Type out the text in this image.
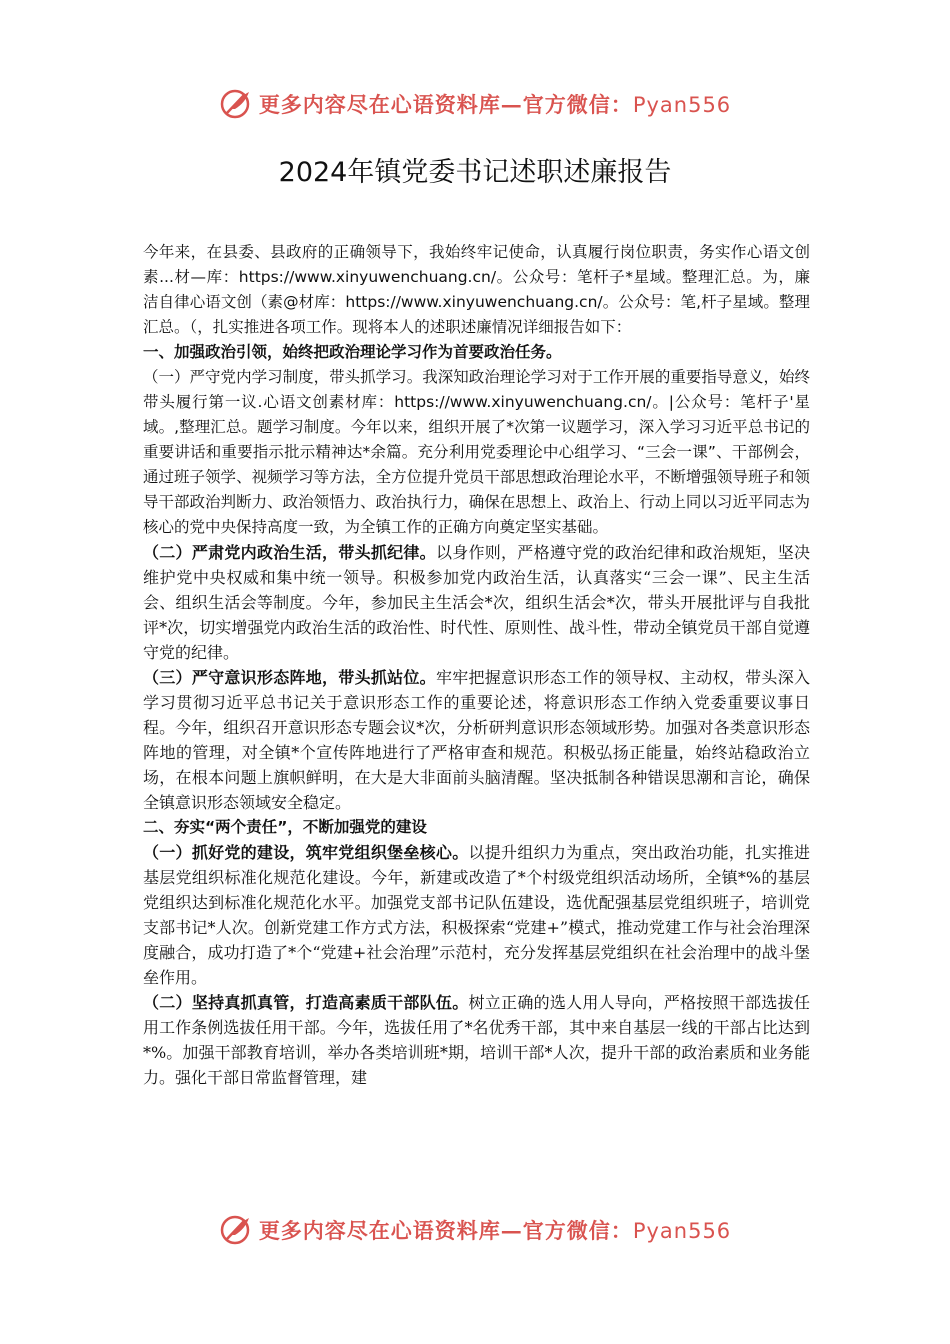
更多内容尽在心语资料库—官方微信：Pyan556
2024年镇党委书记述职述廉报告

今年来，在县委、县政府的正确领导下，我始终牢记使命，认真履行岗位职责，务实作心语文创素...材—库：https://www.xinyuwenchuang.cn/。公众号：笔杆子*星域。整理汇总。为，廉洁自律心语文创（素@材库：https://www.xinyuwenchuang.cn/。公众号：笔,杆子星域。整理汇总。（，扎实推进各项工作。现将本人的述职述廉情况详细报告如下：

一、加强政治引领，始终把政治理论学习作为首要政治任务。

（一）严守党内学习制度，带头抓学习。我深知政治理论学习对于工作开展的重要指导意义，始终带头履行第一议.心语文创素材库：https://www.xinyuwenchuang.cn/。|公众号：笔杆子'星域。,整理汇总。题学习制度。今年以来，组织开展了*次第一议题学习，深入学习习近平总书记的重要讲话和重要指示批示精神达*余篇。充分利用党委理论中心组学习、“三会一课”、干部例会，通过班子领学、视频学习等方法，全方位提升党员干部思想政治理论水平，不断增强领导班子和领导干部政治判断力、政治领悟力、政治执行力，确保在思想上、政治上、行动上同以习近平同志为核心的党中央保持高度一致，为全镇工作的正确方向奠定坚实基础。

（二）严肃党内政治生活，带头抓纪律。以身作则，严格遵守党的政治纪律和政治规矩，坚决维护党中央权威和集中统一领导。积极参加党内政治生活，认真落实“三会一课”、民主生活会、组织生活会等制度。今年，参加民主生活会*次，组织生活会*次，带头开展批评与自我批评*次，切实增强党内政治生活的政治性、时代性、原则性、战斗性，带动全镇党员干部自觉遵守党的纪律。

（三）严守意识形态阵地，带头抓站位。牢牢把握意识形态工作的领导权、主动权，带头深入学习贯彻习近平总书记关于意识形态工作的重要论述，将意识形态工作纳入党委重要议事日程。今年，组织召开意识形态专题会议*次，分析研判意识形态领域形势。加强对各类意识形态阵地的管理，对全镇*个宣传阵地进行了严格审查和规范。积极弘扬正能量，始终站稳政治立场，在根本问题上旗帜鲜明，在大是大非面前头脑清醒。坚决抵制各种错误思潮和言论，确保全镇意识形态领域安全稳定。

二、夯实“两个责任”，不断加强党的建设

（一）抓好党的建设，筑牢党组织堡垒核心。以提升组织力为重点，突出政治功能，扎实推进基层党组织标准化规范化建设。今年，新建或改造了*个村级党组织活动场所，全镇*%的基层党组织达到标准化规范化水平。加强党支部书记队伍建设，选优配强基层党组织班子，培训党支部书记*人次。创新党建工作方式方法，积极探索“党建+”模式，推动党建工作与社会治理深度融合，成功打造了*个“党建+社会治理”示范村，充分发挥基层党组织在社会治理中的战斗堡垒作用。

（二）坚持真抓真管，打造高素质干部队伍。树立正确的选人用人导向，严格按照干部选拔任用工作条例选拔任用干部。今年，选拔任用了*名优秀干部，其中来自基层一线的干部占比达到*%。加强干部教育培训，举办各类培训班*期，培训干部*人次，提升干部的政治素质和业务能力。强化干部日常监督管理，建

更多内容尽在心语资料库—官方微信：Pyan556
